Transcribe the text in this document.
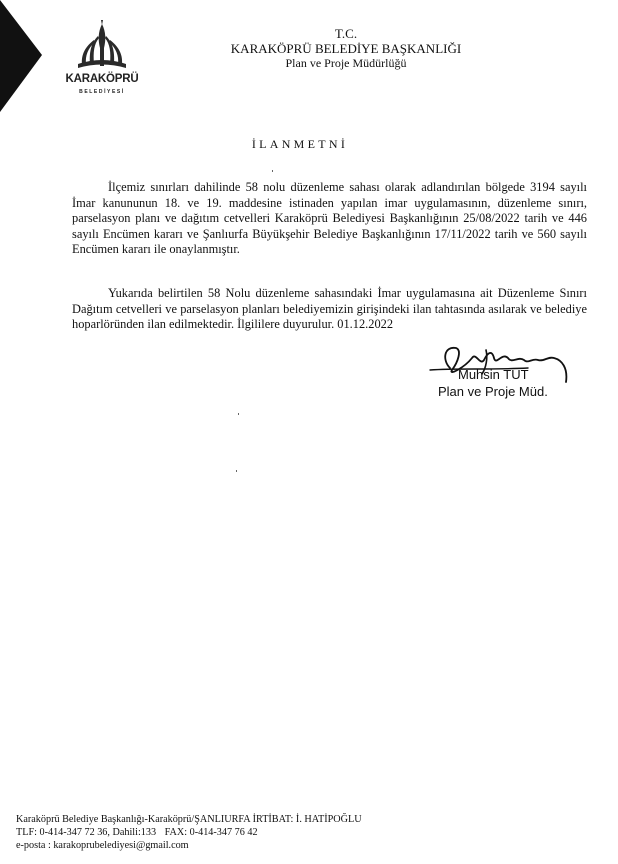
KARAKÖPRÜ
BELEDİYESİ
T.C.
KARAKÖPRÜ BELEDİYE BAŞKANLIĞI
Plan ve Proje Müdürlüğü
İLANMETNİ

İlçemiz sınırları dahilinde 58 nolu düzenleme sahası olarak adlandırılan bölgede 3194 sayılı İmar kanununun 18. ve 19. maddesine istinaden yapılan imar uygulamasının, düzenleme sınırı, parselasyon planı ve dağıtım cetvelleri Karaköprü Belediyesi Başkanlığının 25/08/2022 tarih ve 446 sayılı Encümen kararı ve Şanlıurfa Büyükşehir Belediye Başkanlığının 17/11/2022 tarih ve 560 sayılı Encümen kararı ile onaylanmıştır.

Yukarıda belirtilen 58 Nolu düzenleme sahasındaki İmar uygulamasına ait Düzenleme Sınırı Dağıtım cetvelleri ve parselasyon planları belediyemizin girişindeki ilan tahtasında asılarak ve belediye hoparlöründen ilan edilmektedir. İlgililere duyurulur. 01.12.2022

Muhsin TUT
Plan ve Proje Müd.
Karaköprü Belediye Başkanlığı-Karaköprü/ŞANLIURFA İRTİBAT: İ. HATİPOĞLU
TLF: 0-414-347 72 36, Dahili:133 FAX: 0-414-347 76 42
e-posta : karakoprubelediyesi@gmail.com
